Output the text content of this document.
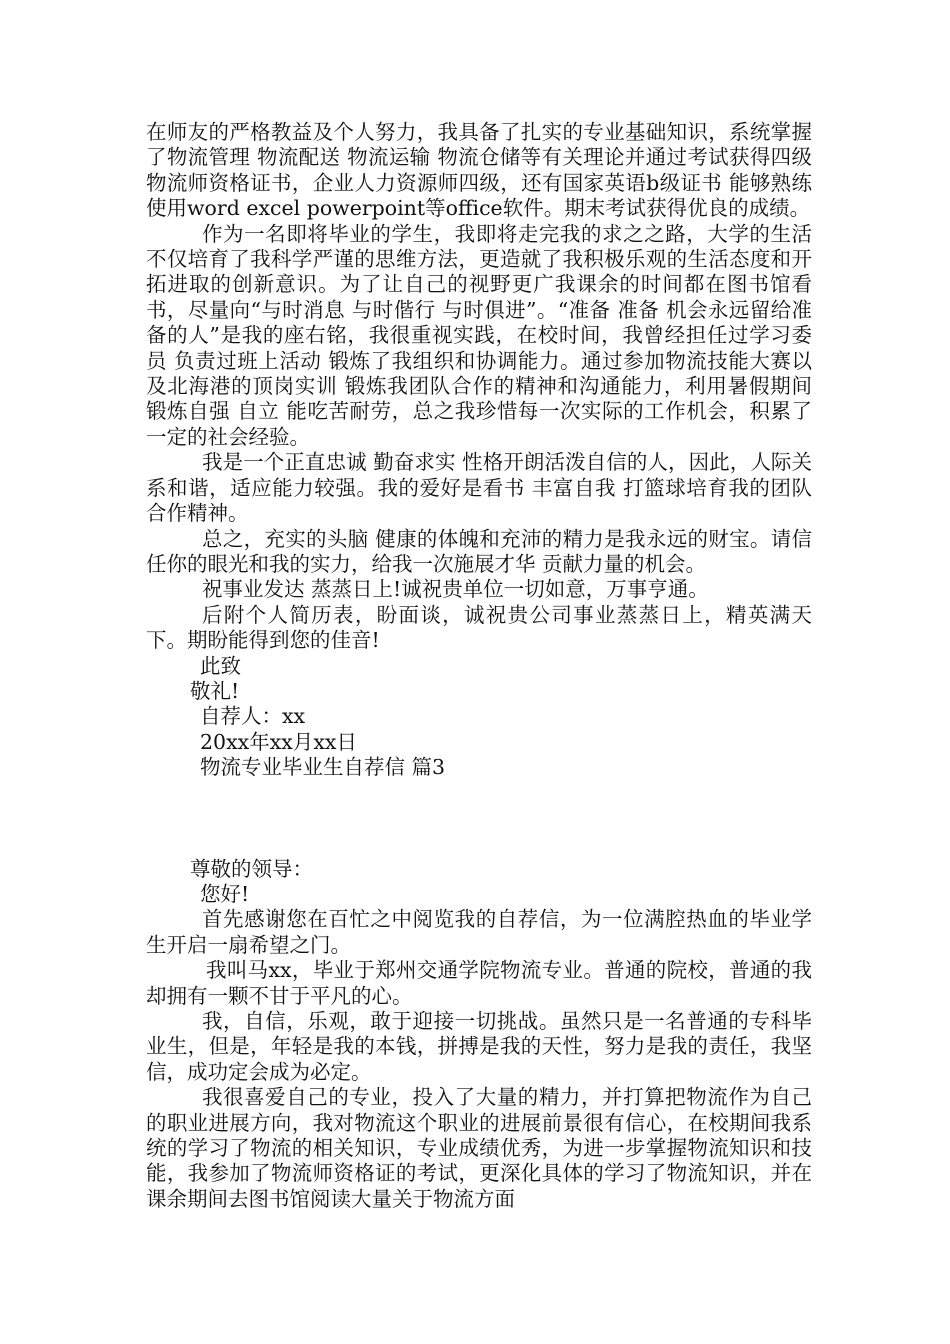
在师友的严格教益及个人努力，我具备了扎实的专业基础知识，系统掌握了物流管理 物流配送 物流运输 物流仓储等有关理论并通过考试获得四级物流师资格证书，企业人力资源师四级，还有国家英语b级证书 能够熟练使用word excel powerpoint等office软件。期末考试获得优良的成绩。

作为一名即将毕业的学生，我即将走完我的求之之路，大学的生活不仅培育了我科学严谨的思维方法，更造就了我积极乐观的生活态度和开拓进取的创新意识。为了让自己的视野更广我课余的时间都在图书馆看书，尽量向“与时消息 与时偕行 与时俱进”。“准备 准备 机会永远留给准备的人”是我的座右铭，我很重视实践，在校时间，我曾经担任过学习委员 负责过班上活动 锻炼了我组织和协调能力。通过参加物流技能大赛以及北海港的顶岗实训 锻炼我团队合作的精神和沟通能力，利用暑假期间 锻炼自强 自立 能吃苦耐劳，总之我珍惜每一次实际的工作机会，积累了一定的社会经验。

我是一个正直忠诚 勤奋求实 性格开朗活泼自信的人，因此，人际关系和谐，适应能力较强。我的爱好是看书 丰富自我 打篮球培育我的团队合作精神。

总之，充实的头脑 健康的体魄和充沛的精力是我永远的财宝。请信任你的眼光和我的实力，给我一次施展才华 贡献力量的机会。

祝事业发达 蒸蒸日上!诚祝贵单位一切如意，万事亨通。

后附个人简历表，盼面谈，诚祝贵公司事业蒸蒸日上，精英满天下。期盼能得到您的佳音!

此致

敬礼!

自荐人：xx

20xx年xx月xx日

物流专业毕业生自荐信 篇3

尊敬的领导：

您好!

首先感谢您在百忙之中阅览我的自荐信，为一位满腔热血的毕业学生开启一扇希望之门。

我叫马xx，毕业于郑州交通学院物流专业。普通的院校，普通的我却拥有一颗不甘于平凡的心。

我，自信，乐观，敢于迎接一切挑战。虽然只是一名普通的专科毕业生，但是，年轻是我的本钱，拼搏是我的天性，努力是我的责任，我坚信，成功定会成为必定。

我很喜爱自己的专业，投入了大量的精力，并打算把物流作为自己的职业进展方向，我对物流这个职业的进展前景很有信心，在校期间我系统的学习了物流的相关知识，专业成绩优秀，为进一步掌握物流知识和技能，我参加了物流师资格证的考试，更深化具体的学习了物流知识，并在课余期间去图书馆阅读大量关于物流方面
